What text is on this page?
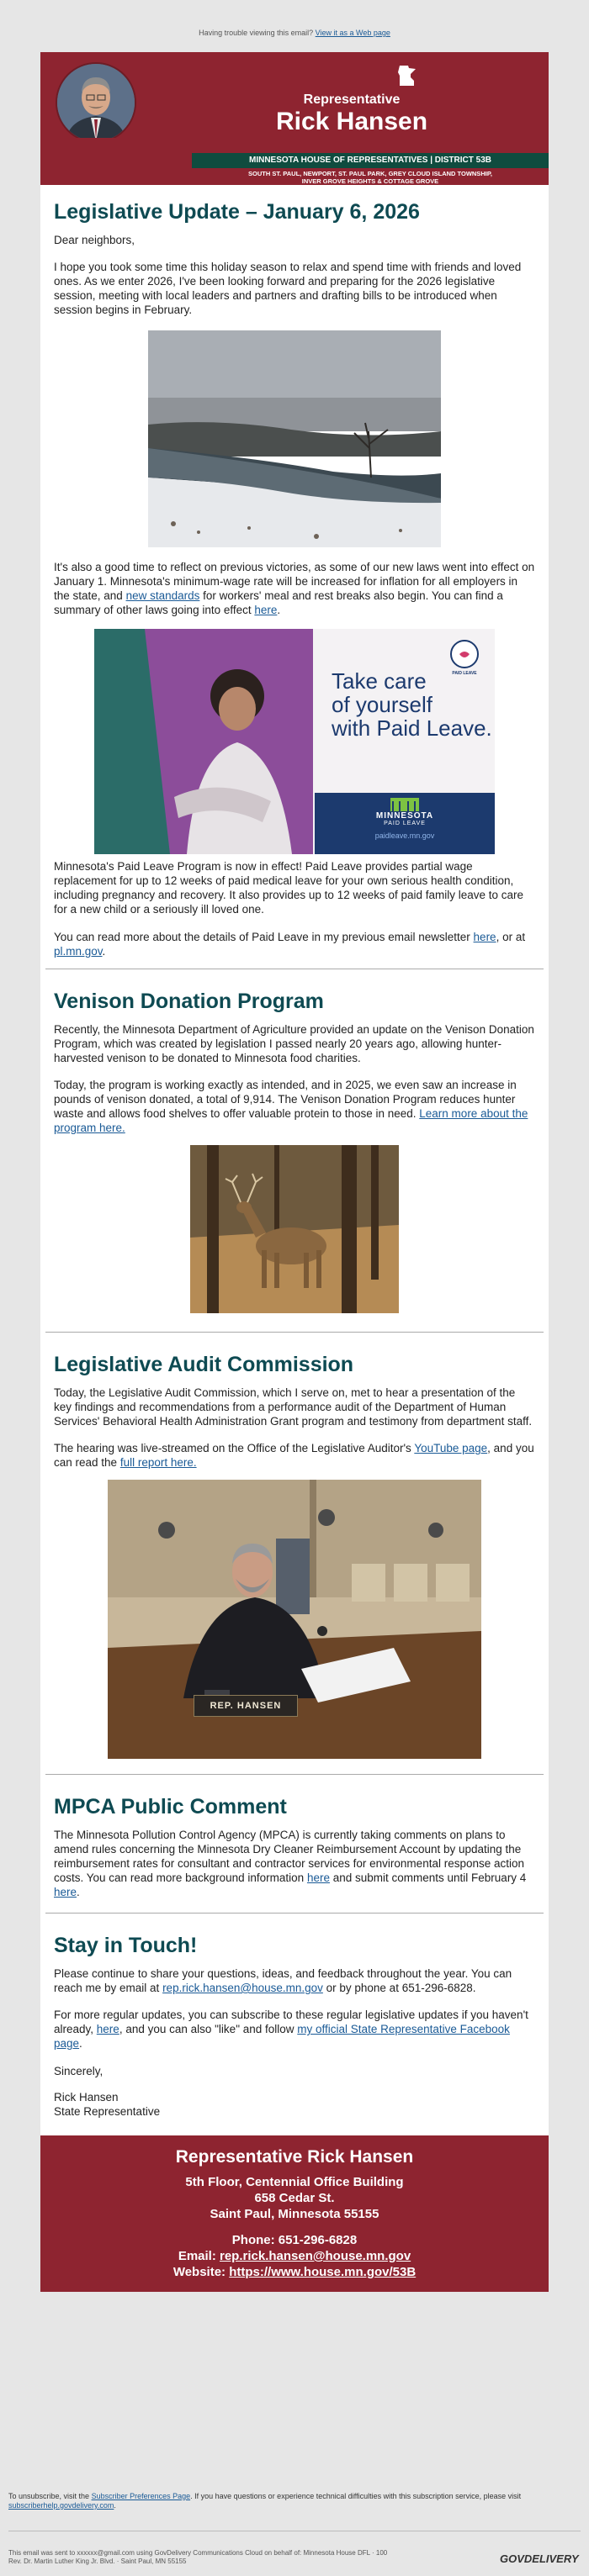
Having trouble viewing this email? View it as a Web page
Representative
Rick Hansen
MINNESOTA HOUSE OF REPRESENTATIVES | DISTRICT 53B
SOUTH ST. PAUL, NEWPORT, ST. PAUL PARK, GREY CLOUD ISLAND TOWNSHIP,
INVER GROVE HEIGHTS & COTTAGE GROVE
Legislative Update – January 6, 2026

Dear neighbors,

I hope you took some time this holiday season to relax and spend time with friends and loved ones. As we enter 2026, I've been looking forward and preparing for the 2026 legislative session, meeting with local leaders and partners and drafting bills to be introduced when session begins in February.

It's also a good time to reflect on previous victories, as some of our new laws went into effect on January 1. Minnesota's minimum-wage rate will be increased for inflation for all employers in the state, and new standards for workers' meal and rest breaks also begin. You can find a summary of other laws going into effect here.

Take care
of yourself
with Paid Leave.
PAID LEAVE
MINNESOTA
PAID LEAVE
paidleave.mn.gov

Minnesota's Paid Leave Program is now in effect! Paid Leave provides partial wage replacement for up to 12 weeks of paid medical leave for your own serious health condition, including pregnancy and recovery. It also provides up to 12 weeks of paid family leave to care for a new child or a seriously ill loved one.

You can read more about the details of Paid Leave in my previous email newsletter here, or at pl.mn.gov.

Venison Donation Program

Recently, the Minnesota Department of Agriculture provided an update on the Venison Donation Program, which was created by legislation I passed nearly 20 years ago, allowing hunter-harvested venison to be donated to Minnesota food charities.

Today, the program is working exactly as intended, and in 2025, we even saw an increase in pounds of venison donated, a total of 9,914. The Venison Donation Program reduces hunter waste and allows food shelves to offer valuable protein to those in need. Learn more about the program here.

Legislative Audit Commission

Today, the Legislative Audit Commission, which I serve on, met to hear a presentation of the key findings and recommendations from a performance audit of the Department of Human Services' Behavioral Health Administration Grant program and testimony from department staff.

The hearing was live-streamed on the Office of the Legislative Auditor's YouTube page, and you can read the full report here.

REP. HANSEN
MPCA Public Comment

The Minnesota Pollution Control Agency (MPCA) is currently taking comments on plans to amend rules concerning the Minnesota Dry Cleaner Reimbursement Account by updating the reimbursement rates for consultant and contractor services for environmental response action costs. You can read more background information here and submit comments until February 4 here.

Stay in Touch!

Please continue to share your questions, ideas, and feedback throughout the year. You can reach me by email at rep.rick.hansen@house.mn.gov or by phone at 651-296-6828.

For more regular updates, you can subscribe to these regular legislative updates if you haven't already, here, and you can also "like" and follow my official State Representative Facebook page.

Sincerely,

Rick Hansen

State Representative

Representative Rick Hansen
5th Floor, Centennial Office Building
658 Cedar St.
Saint Paul, Minnesota 55155
Phone: 651-296-6828
Email: rep.rick.hansen@house.mn.gov
Website: https://www.house.mn.gov/53B
To unsubscribe, visit the Subscriber Preferences Page. If you have questions or experience technical difficulties with this subscription service, please visit subscriberhelp.govdelivery.com.
This email was sent to xxxxxx@gmail.com using GovDelivery Communications Cloud on behalf of: Minnesota House DFL · 100
Rev. Dr. Martin Luther King Jr. Blvd. · Saint Paul, MN 55155	GOVDELIVERY
